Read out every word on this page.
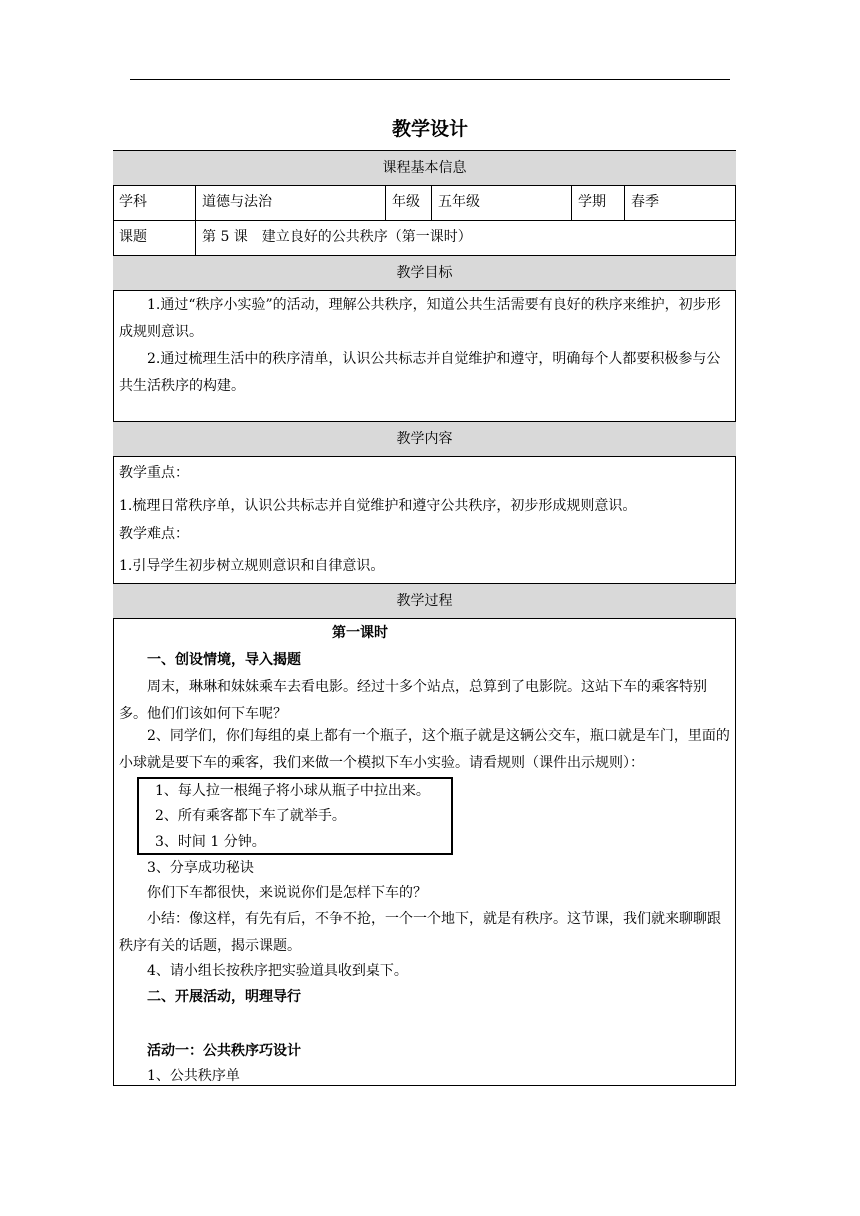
教学设计
课程基本信息
学科	道德与法治	年级	五年级	学期	春季
课题	第 5 课　建立良好的公共秩序（第一课时）
教学目标
1.通过“秩序小实验”的活动，理解公共秩序，知道公共生活需要有良好的秩序来维护，初步形成规则意识。
2.通过梳理生活中的秩序清单，认识公共标志并自觉维护和遵守，明确每个人都要积极参与公共生活秩序的构建。
教学内容
教学重点：
1.梳理日常秩序单，认识公共标志并自觉维护和遵守公共秩序，初步形成规则意识。
教学难点：
1.引导学生初步树立规则意识和自律意识。
教学过程
第一课时
一、创设情境，导入揭题
周末，琳琳和妹妹乘车去看电影。经过十多个站点，总算到了电影院。这站下车的乘客特别多。他们们该如何下车呢？
2、同学们，你们每组的桌上都有一个瓶子，这个瓶子就是这辆公交车，瓶口就是车门，里面的小球就是要下车的乘客，我们来做一个模拟下车小实验。请看规则（课件出示规则）：
1、每人拉一根绳子将小球从瓶子中拉出来。
2、所有乘客都下车了就举手。
3、时间 1 分钟。
3、分享成功秘诀
你们下车都很快，来说说你们是怎样下车的？
小结：像这样，有先有后，不争不抢，一个一个地下，就是有秩序。这节课，我们就来聊聊跟秩序有关的话题，揭示课题。
4、请小组长按秩序把实验道具收到桌下。
二、开展活动，明理导行
活动一：公共秩序巧设计
1、公共秩序单
